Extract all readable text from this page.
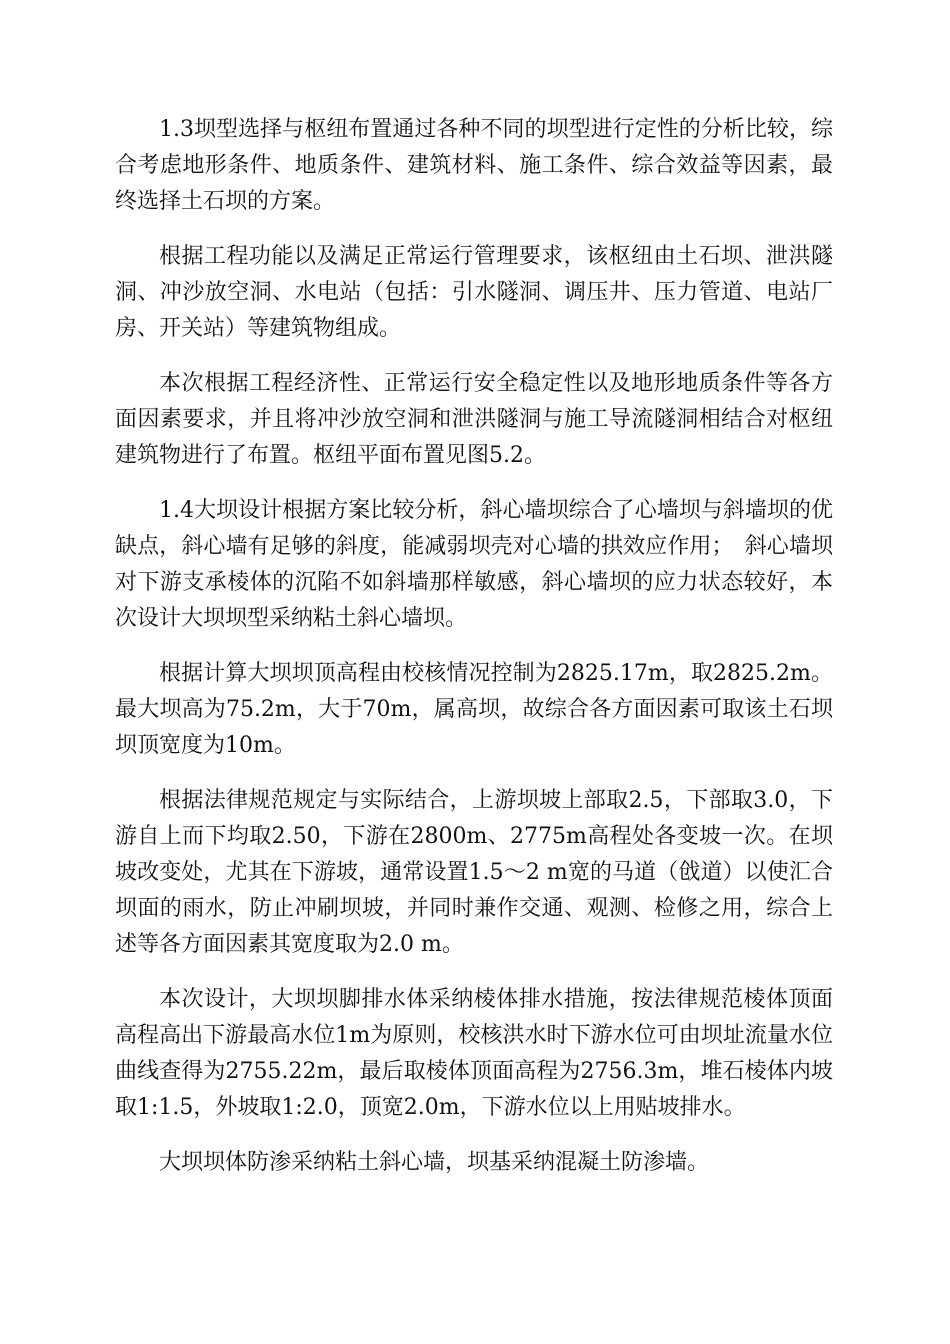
1.3坝型选择与枢纽布置通过各种不同的坝型进行定性的分析比较，综合考虑地形条件、地质条件、建筑材料、施工条件、综合效益等因素，最终选择土石坝的方案。

根据工程功能以及满足正常运行管理要求，该枢纽由土石坝、泄洪隧洞、冲沙放空洞、水电站（包括：引水隧洞、调压井、压力管道、电站厂房、开关站）等建筑物组成。

本次根据工程经济性、正常运行安全稳定性以及地形地质条件等各方面因素要求，并且将冲沙放空洞和泄洪隧洞与施工导流隧洞相结合对枢纽建筑物进行了布置。枢纽平面布置见图5.2。

1.4大坝设计根据方案比较分析，斜心墙坝综合了心墙坝与斜墙坝的优缺点，斜心墙有足够的斜度，能减弱坝壳对心墙的拱效应作用；　斜心墙坝对下游支承棱体的沉陷不如斜墙那样敏感，斜心墙坝的应力状态较好，本次设计大坝坝型采纳粘土斜心墙坝。

根据计算大坝坝顶高程由校核情况控制为2825.17m，取2825.2m。最大坝高为75.2m，大于70m，属高坝，故综合各方面因素可取该土石坝坝顶宽度为10m。

根据法律规范规定与实际结合，上游坝坡上部取2.5，下部取3.0，下游自上而下均取2.50，下游在2800m、2775m高程处各变坡一次。在坝坡改变处，尤其在下游坡，通常设置1.5～2 m宽的马道（戗道）以使汇合坝面的雨水，防止冲刷坝坡，并同时兼作交通、观测、检修之用，综合上述等各方面因素其宽度取为2.0 m。

本次设计，大坝坝脚排水体采纳棱体排水措施，按法律规范棱体顶面高程高出下游最高水位1m为原则，校核洪水时下游水位可由坝址流量水位曲线查得为2755.22m，最后取棱体顶面高程为2756.3m，堆石棱体内坡取1:1.5，外坡取1:2.0，顶宽2.0m，下游水位以上用贴坡排水。

大坝坝体防渗采纳粘土斜心墙，坝基采纳混凝土防渗墙。
